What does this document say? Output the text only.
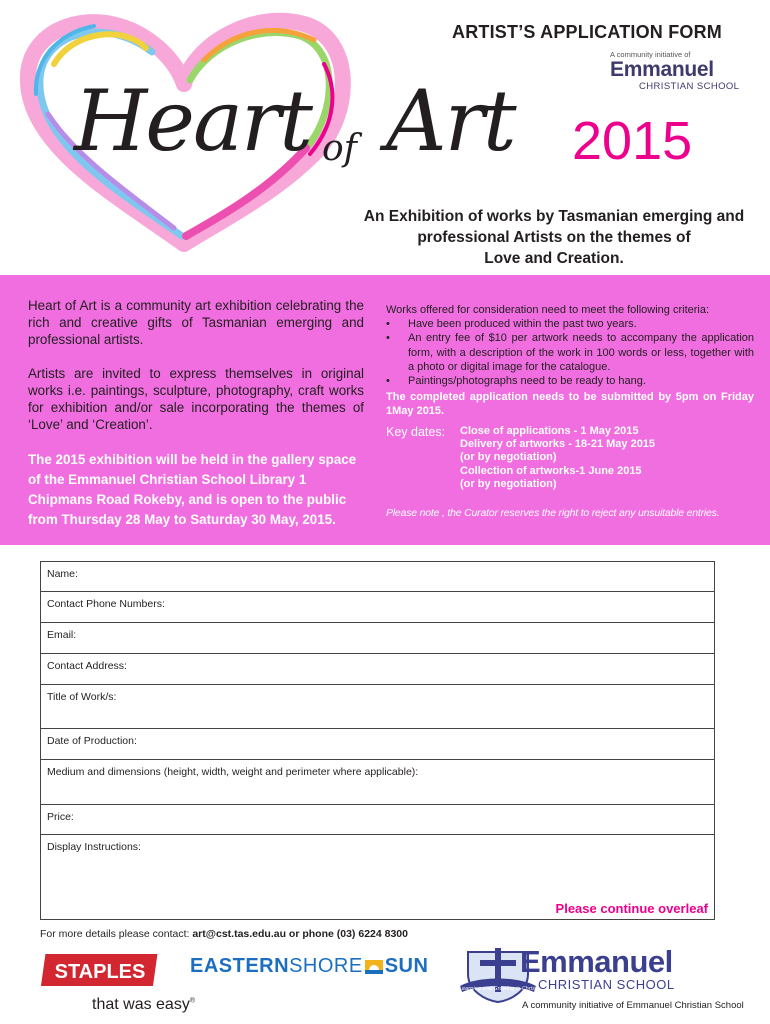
ARTIST’S APPLICATION FORM
A community initiative of
Emmanuel
CHRISTIAN SCHOOL
Heart of Art 2015
An Exhibition of works by Tasmanian emerging and
professional Artists on the themes of
Love and Creation.

Heart of Art is a community art exhibition celebrating the rich and creative gifts of Tasmanian emerging and professional artists.

Artists are invited to express themselves in original works i.e. paintings, sculpture, photography, craft works for exhibition and/or sale incorporating the themes of ‘Love’ and ‘Creation’.

The 2015 exhibition will be held in the gallery space of the Emmanuel Christian School Library 1 Chipmans Road Rokeby, and is open to the public from Thursday 28 May to Saturday 30 May, 2015.

Works offered for consideration need to meet the following criteria:
• Have been produced within the past two years.
• An entry fee of $10 per artwork needs to accompany the application form, with a description of the work in 100 words or less, together with a photo or digital image for the catalogue.
• Paintings/photographs need to be ready to hang.
The completed application needs to be submitted by 5pm on Friday 1May 2015.
Key dates:	Close of applications - 1 May 2015
Delivery of artworks - 18-21 May 2015
(or by negotiation)
Collection of artworks-1 June 2015
(or by negotiation)
Please note , the Curator reserves the right to reject any unsuitable entries.
Name:
Contact Phone Numbers:
Email:
Contact Address:
Title of Work/s:
Date of Production:
Medium and dimensions (height, width, weight and perimeter where applicable):
Price:
Display Instructions:
Please continue overleaf
For more details please contact: art@cst.tas.edu.au or phone (03) 6224 8300
STAPLES
that was easy®
EASTERNSHORE SUN
Learning and Growing in Christ
Emmanuel
CHRISTIAN SCHOOL
A community initiative of Emmanuel Christian School
